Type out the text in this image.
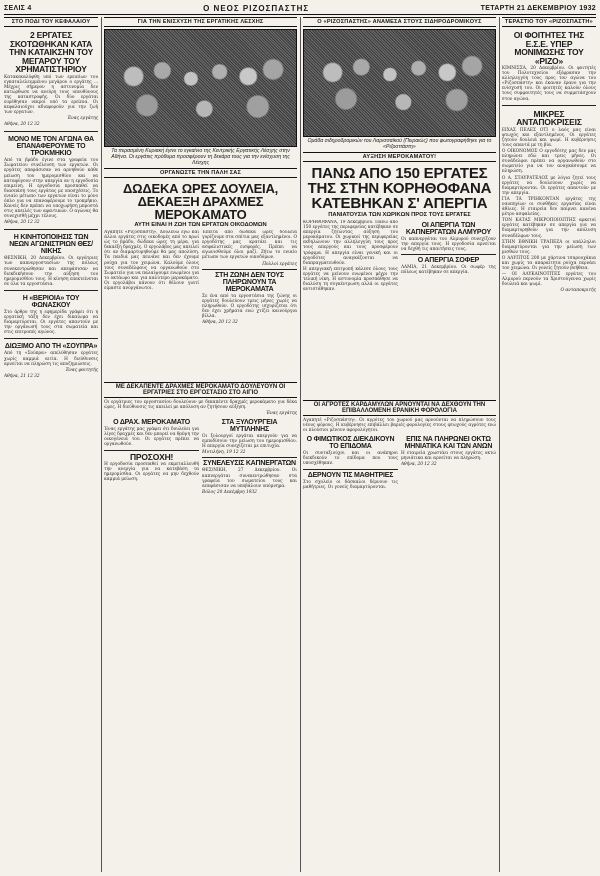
ΣΕΛΙΣ 4	Ο ΝΕΟΣ ΡΙΖΟΣΠΑΣΤΗΣ	ΤΕΤΑΡΤΗ 21 ΔΕΚΕΜΒΡΙΟΥ 1932
ΣΤΟ ΠΟΔΙ ΤΟΥ ΚΕΦΑΛΑΙΟΥ
2 ΕΡΓΑΤΕΣ ΣΚΟΤΩΘΗΚΑΝ ΚΑΤΑ ΤΗΝ ΚΑΤΑΙΚΣΗΝ ΤΟΥ ΜΕΓΑΡΟΥ ΤΟΥ ΧΡΗΜΑΤΙΣΤΗΡΙΟΥ
Κατακεκαλύφθη υπό των ερειπίων του εγκαταλελειμμένου μεγάρου ο εργάτης ... Μέχρις σήμερον η αστυνομία δεν κατώρθωσε να ανεύρη τους υπευθύνους της καταστροφής. Οι δύο εργάται ευρέθησαν νεκροί υπό τα ερείπια. Οι κεφαλαιούχοι αδιαφορούν για την ζωή των εργατών.
Ένας εργάτης
Αθήνα, 20 12 32
ΜΟΝΟ ΜΕ ΤΟΝ ΑΓΩΝΑ ΘΑ ΕΠΑΝΑΦΕΡΟΥΜΕ ΤΟ ΤΡΟΚΜΗΚΙΟ
Από τα βράδυ έγινε στα γραφεία του Σωματείου συνέλευση των εργατών. Οι εργάτες απεφάσισαν να αρνηθούν κάθε μείωση του ημερομισθίου και να καταφύγουν στην απεργία αν η εργοδοσία επιμείνη. Η εργοδοσία προσπαθεί να διασπάση τους εργάτας με υποσχέσεις. Το ενιαίο μέτωπο των εργατών είναι το μόνο όπλο για να επαναφέρουμε το τροκμήκιο. Κανείς δεν πρέπει να υποχωρήση μπροστά στις απειλές των αφεντικών. Ο αγώνας θα συνεχισθή μέχρι τέλους.
Αθήνα, 20 12 32
Η ΚΙΝΗΤΟΠΟΙΗΣΙΣ ΤΩΝ ΝΕΩΝ ΑΓΩΝΙΣΤΡΙΩΝ ΘΕΣ/ΝΙΚΗΣ
ΘΕΣΝΙΚΗ, 20 Δεκεμβρίου. Οι εργάτριες των καπνεργοστασίων της πόλεως συνεκεντρώθησαν και απεφάσισαν να διεκδικήσουν την αύξηση του ημερομισθίου τους. Η κίνηση επεκτείνεται σε όλα τα εργοστάσια.
Η «ΒΕΡΙΟΙΑ» ΤΟΥ ΦΩΝΑΣΚΟΥ
Στο άρθρο της η εφημερίδα γράφει ότι η εργατική τάξη δεν έχει δικαίωμα να διαμαρτύρεται. Οι εργάτες απαντούν με την οργάνωσή τους στα σωματεία και στις επιτροπές αγώνος.
ΔΙΩΞΙΜΟ ΑΠΟ ΤΗ «ΣΟΥΠΡΑ»
Από τη «Σούπρα» απελύθησαν εργάτες χωρίς καμμιά αιτία. Η διεύθυνσις αρνείται να πληρώση τις αποζημιώσεις.
Ένας φοιτητής
Αθήνα, 21 12 32
ΓΙΑ ΤΗΝ ΕΝΙΣΧΥΣΗ ΤΗΣ ΕΡΓΑΤΙΚΗΣ ΛΕΣΧΗΣ
Τα περασμένη Κυριακή έγινε το εγκαίνιο της Κεντρικής Εργατικής Λέσχης στην Αθήνα. Οι εργάτες πρόθυμα προσφέρουν τη δεκάρα τους για την ενίσχυση της Λέσχης
ΟΡΓΑΝΩΣΤΕ ΤΗΝ ΠΑΛΗ ΣΑΣ
ΔΩΔΕΚΑ ΩΡΕΣ ΔΟΥΛΕΙΑ, ΔΕΚΑΕΞΗ ΔΡΑΧΜΕΣ ΜΕΡΟΚΑΜΑΤΟ
ΑΥΤΗ ΕΙΝΑΙ Η ΖΩΗ ΤΩΝ ΕΡΓΑΤΩΝ ΟΙΚΟΔΟΜΩΝ
Αγαπητέ «Ριζοσπάστη», Δουλεύω εγώ και άλλοι εργάτες στις οικοδομές από το πρωί ώς το βράδυ, δώδεκα ώρες τη μέρα, για δεκαέξη δραχμές. Ο εργολάβος μας απειλεί ότι αν διαμαρτυρηθούμε θα μας απολύση. Τα παιδιά μας πεινάνε και δεν έχουμε ρούχα για τον χειμώνα. Καλούμε όλους τους συναδέλφους να οργανωθούν στο Σωματείο για να παλαίψουμε ενωμένοι για το οκτάωρο και για καλύτερο μεροκάματο. Οι εργολάβοι κάνουν ότι θέλουν γιατί είμαστε ανοργάνωτοι.
Έπειτα από δώδεκα ώρες δουλειά γυρίζουμε στα σπίτια μας εξαντλημένοι. Ο εργοδότης μας κρατάει και τις ασφαλιστικές εισφορές. Πρέπει να αγωνισθούμε όλοι μαζί. Ζήτω το ενιαίο μέτωπο των εργατών οικοδόμων.
Πολλοί εργάτες
ΣΤΗ ΖΩΝΗ ΔΕΝ ΤΟΥΣ ΠΛΗΡΩΝΟΥΝ ΤΑ ΜΕΡΟΚΑΜΑΤΑ
Σε ένα από τα εργοστάσια της ζώνης οι εργάτες δουλεύουν τρεις μήνες χωρίς να πληρωθούν. Ο εργοδότης ισχυρίζεται ότι δεν έχει χρήματα ενώ χτίζει καινούργια βίλλα.
Αθήνα, 20 12 32
ΜΕ ΔΕΚΑΠΕΝΤΕ ΔΡΑΧΜΕΣ ΜΕΡΟΚΑΜΑΤΟ ΔΟΥΛΕΥΟΥΝ ΟΙ ΕΡΓΑΤΡΙΕΣ ΣΤΟ ΕΡΓΟΣΤΑΣΙΟ ΣΤΟ ΑΙΓΙΟ
Οι εργάτριες του εργοστασίου δουλεύουν με δεκαπέντε δραχμές μεροκάματο για δέκα ώρες. Η διεύθυνσις τις απειλεί με απόλυση αν ζητήσουν αύξηση.
Ένας εργάτης
Ο ΔΡΑΧ. ΜΕΡΟΚΑΜΑΤΟ
Ένας εργάτης μας γράφει ότι δουλεύει για λίγες δραχμές και δεν μπορεί να θρέψη την οικογένειά του. Οι εργάτες πρέπει να οργανωθούν.
ΠΡΟΣΟΧΗ!
Η εργοδοσία προσπαθεί να εκμεταλλευθή την ανεργία για να κατεβάση τα ημερομίσθια. Οι εργάτες να μην δεχθούν καμμιά μείωση.
ΣΤΑ ΞΥΛΟΥΡΓΕΙΑ ΜΥΤΙΛΗΝΗΣ
Οι ξυλουργοί εργάται απεργούν για να εμποδίσουν την μείωση του ημερομισθίου. Η απεργία συνεχίζεται με επιτυχία.
Μυτιλήνη, 19 12 32
ΣΥΝΕΛΕΥΣΙΣ ΚΑΠΝΕΡΓΑΤΩΝ
ΘΕΣ/ΝΙΚΗ, 27 Δεκεμβρίου. Οι καπνεργάται συνεκεντρώθησαν στα γραφεία του σωματείου τους και απεφάσισαν να υποβάλουν υπόμνημα.
Βόλος 20 Δεκέμβρη 1932
Ο «ΡΙΖΟΣΠΑΣΤΗΣ» ΑΝΑΜΕΣΑ ΣΤΟΥΣ ΣΙΔΗΡΟΔΡΟΜΙΚΟΥΣ
Ομάδα σιδηροδρομικών του Λαρισσαϊκού (Πειραιώς) που φωτογραφήθηκε για το «Ριζοσπάστη»
ΑΥΞΗΣΗ ΜΕΡΟΚΑΜΑΤΟΥ!
ΠΑΝΩ ΑΠΟ 150 ΕΡΓΑΤΕΣ ΤΗΣ ΣΤΗΝ ΚΟΡΗΘΟΦΑΝΑ ΚΑΤΕΒΗΚΑΝ Σ' ΑΠΕΡΓΙΑ
ΠΑΝΙΑΤΟΥΣΙΑ ΤΩΝ ΧΩΡΙΚΩΝ ΠΡΟΣ ΤΟΥΣ ΕΡΓΑΤΕΣ
ΚΟΡΗΘΟΦΑΝΑ, 19 Δεκεμβρίου. Πάνω από 150 εργάτες της περιφερείας κατέβηκαν σε απεργία ζητώντας αύξηση του μεροκάματου. Οι χωρικοί της περιφερείας εκδηλώνουν την αλληλεγγύη τους προς τους απεργούς και τους προσφέρουν τρόφιμα. Η απεργία είναι γενική και οι εργοδότες αναγκάζονται να διαπραγματευθούν.
Η απεργιακή επιτροπή κάλεσε όλους τους εργάτες να μείνουν ενωμένοι μέχρι την τελική νίκη. Η αστυνομία προσπάθησε να διαλύση τη συγκέντρωση αλλά οι εργάτες αντιστάθηκαν.
ΟΙ ΑΠΕΡΓΙΑ ΤΩΝ ΚΑΠΝΕΡΓΑΤΩΝ ΑΛΜΥΡΟΥ
Οι καπνεργάται του Αλμυρού συνεχίζουν την απεργία τους. Η εργοδοσία αρνείται να δεχθή τις απαιτήσεις τους.
Ο ΑΠΕΡΓΙΑ ΣΟΦΕΡ
ΛΑΜΙΑ, 21 Δεκεμβρίου. Οι σωφέρ της πόλεως κατέβηκαν σε απεργία.
ΟΙ ΑΓΡΟΤΕΣ ΚΑΡΔΑΜΥΛΩΝ ΑΡΝΟΥΝΤΑΙ ΝΑ ΔΕΧΘΟΥΝ ΤΗΝ ΕΠΙΒΑΛΛΟΜΕΝΗ ΕΡΑΝΙΚΗ ΦΟΡΟΛΟΓΙΑ
Αγαπητέ «Ριζοσπάστη». Οι αγρότες του χωριού μας αρνούνται να πληρώσουν τους νέους φόρους. Η κυβέρνησις επιβάλλει βαριές φορολογίες στους φτωχούς αγρότες ενώ οι πλούσιοι μένουν αφορολόγητοι.
Ο ΦΙΜΩΤΙΚΟΣ ΔΙΕΚΔΙΚΟΥΝ ΤΟ ΕΠΙΔΟΜΑ
Οι συνταξιούχοι και οι ανάπηροι διεκδικούν το επίδομα που τους υποσχέθηκαν.
ΔΕΡΝΟΥΝ ΤΙΣ ΜΑΘΗΤΡΙΕΣ
Στο σχολείο οι δάσκαλοι δέρνουν τις μαθήτριες. Οι γονείς διαμαρτύρονται.
ΕΠΙΣ ΝΑ ΠΛΗΡΩΝΕΙ ΟΚΤΩ ΜΗΝΙΑΤΙΚΑ ΚΑΙ ΤΩΝ ΑΝΩΝ
Η εταιρεία χρωστάει στους εργάτες οκτώ μηνιάτικα και αρνείται να πληρώση.
Αθήνα, 20 12 32
ΤΕΡΑΣΤΙΟ ΤΟΥ «ΡΙΖΟΣΠΑΣΤΗ»
ΟΙ ΦΟΙΤΗΤΕΣ ΤΗΣ Ε.Σ.Ε. ΥΠΕΡ ΜΟΝΙΜΩΣΗΣ ΤΟΥ «ΡΙΖΟ»
ΚΙΜΝΙΣΣΑ, 20 Δεκεμβρίου. Οι φοιτητές του Πολυτεχνείου εξέφρασαν την αλληλεγγύη τους προς τον αγώνα του «Ριζοσπάστη» και έκαναν έρανο για την ενίσχυσή του. Οι φοιτητές καλούν όλους τους συμφοιτητές τους να συμμετάσχουν στον αγώνα.
ΜΙΚΡΕΣ ΑΝΤΑΠΟΚΡΙΣΕΙΣ
ΕΙΧΑΣ ΠΕΛΕΣ ΟΤΙ ο λαός μας είναι φτωχός και εξαντλημένος. Οι εργάτες ζητούν δουλειά και ψωμί. Η κυβέρνησις τους απαντά με τη βία.
Ο ΟΙΚΟΝΟΜΟΣ Ο εργοδότης μας δεν μας πληρώνει εδώ και τρεις μήνες. Οι συνάδελφοι πρέπει να οργανωθούν στο σωματείο για να τον αναγκάσουμε να πληρώση.
Ο Α. ΣΤΑΥΡΑΤΕΛΟΣ με λόγια ζητεί τους εργάτες να δουλεύουν χωρίς να διαμαρτύρονται. Οι εργάτες απαντούν με την απεργία.
ΓΙΑ ΤΑ ΤΡΙΗΚΟΝΤΑΝ εργάτες της ναυπηγίων οι συνθήκες εργασίας είναι άθλιες. Η εταιρεία δεν παίρνει κανένα μέτρο ασφαλείας.
ΤΟΝ ΚΑΤΑΣ ΜΙΚΡΟΠΟΙΟΠΤΗΣ αρκετοί εργάτες κατέβηκαν σε απεργία για να διαμαρτυρηθούν για την απόλυση συναδέλφων τους.
ΣΤΗΝ ΕΘΝΙΚΗ ΤΡΑΠΕΖΑ οι υπάλληλοι διαμαρτύρονται για την μείωση των μισθών τους.
Ο ΑΛΥΠΤΟΣ 200 με χάρτινα τσαρουχάκια και χωρίς τα απαραίτητα ρούχα περνάει τον χειμώνα. Οι γονείς ζητούν βοήθεια.
— ΟΙ ΑΛΥΚΑΙΝΟΤΙΤΕΣ εργάτες του Αλμυρού περνούν τα Χριστούγεννα χωρίς δουλειά και ψωμί.
Ο ανταποκριτής
